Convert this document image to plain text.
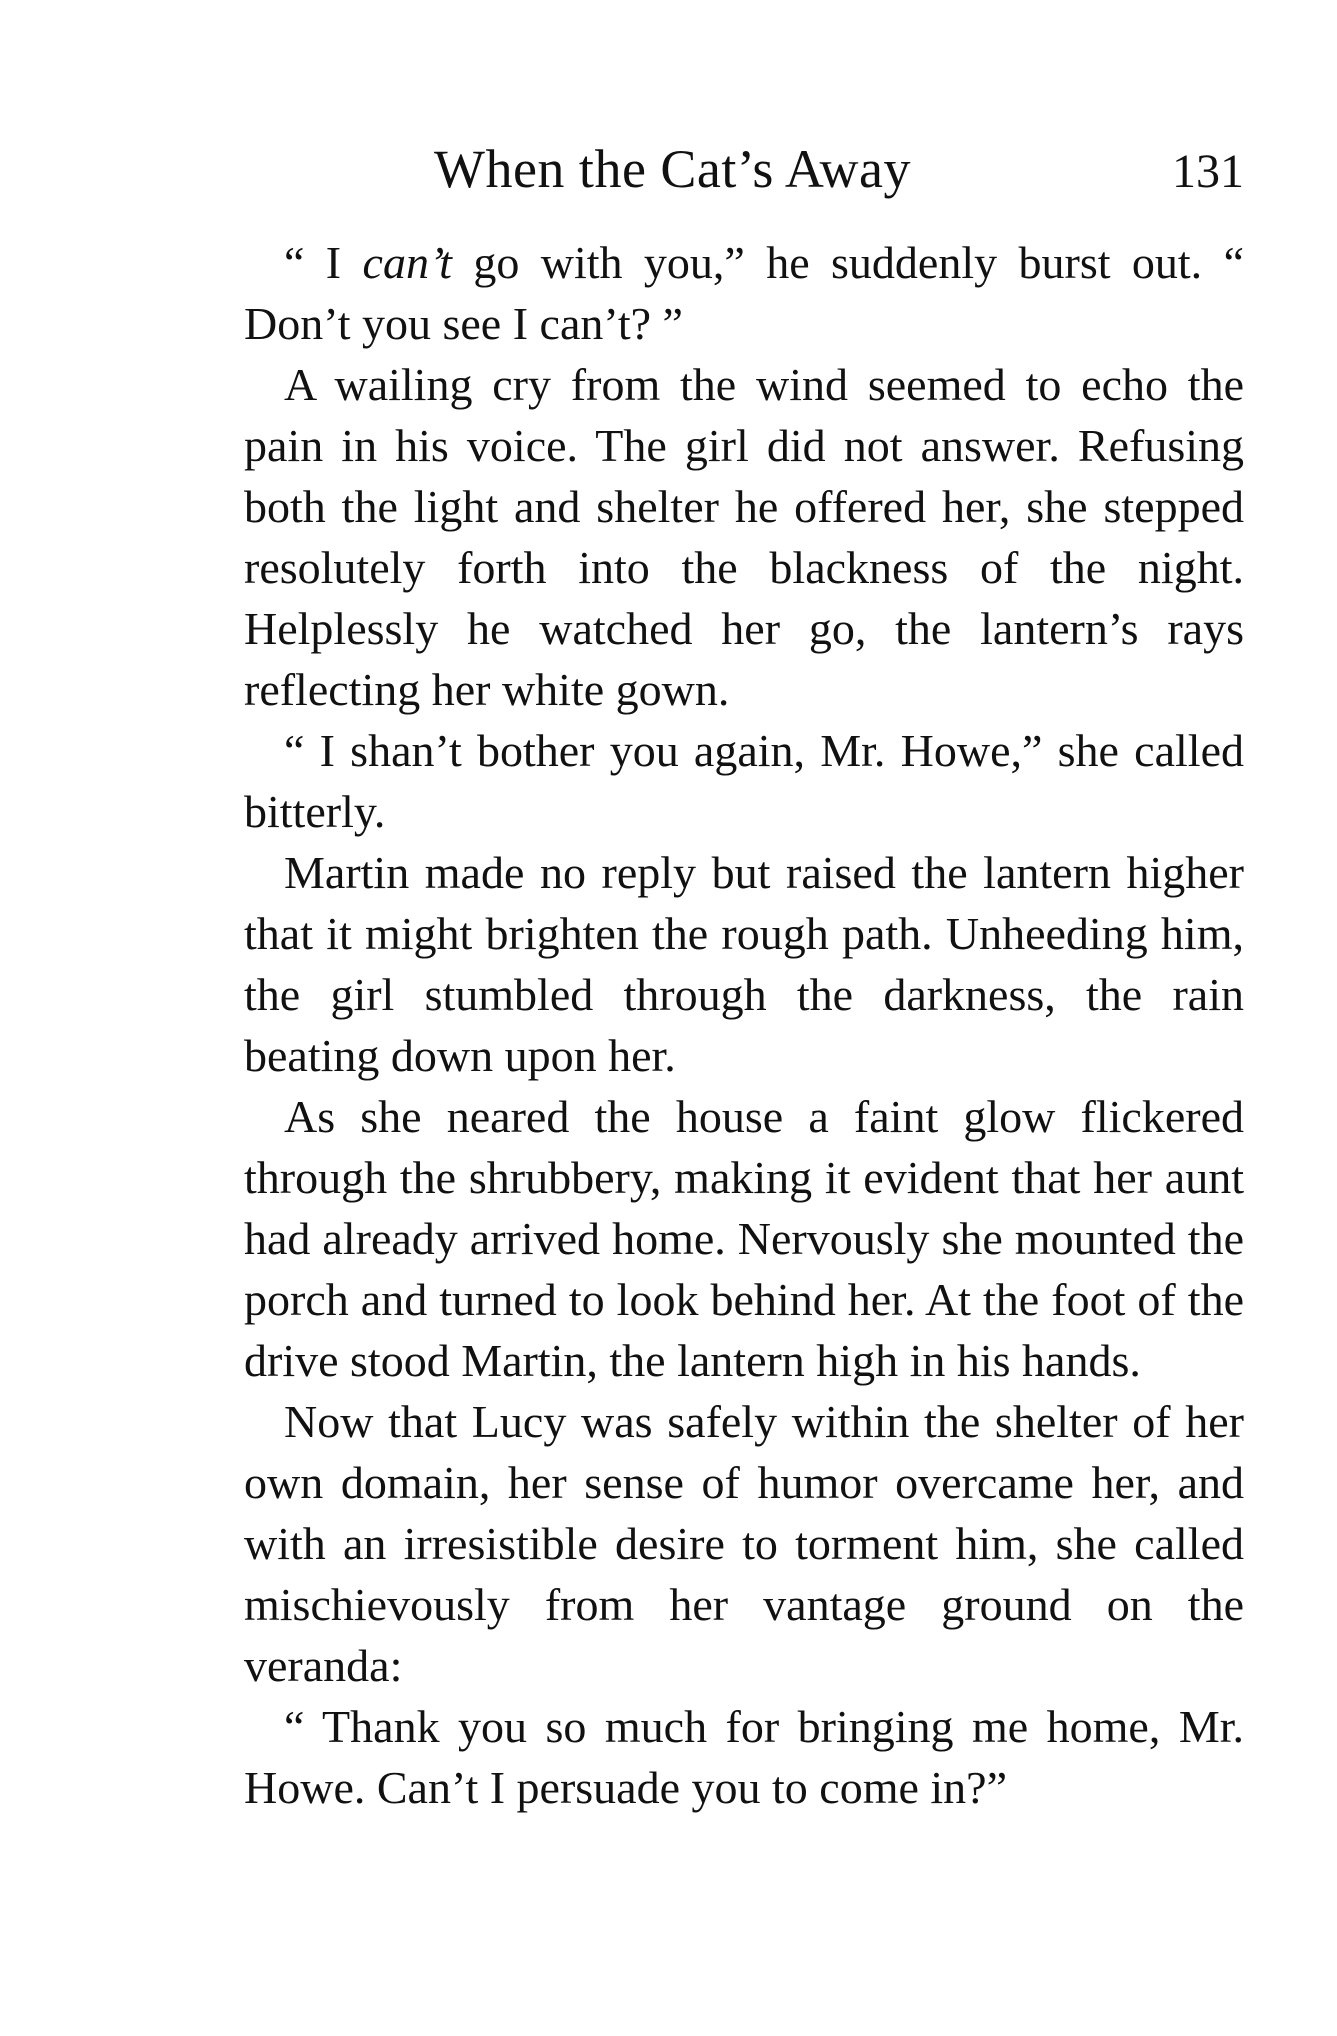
When the Cat’s Away	131

“ I can’t go with you,” he suddenly burst out. “ Don’t you see I can’t? ”

A wailing cry from the wind seemed to echo the pain in his voice. The girl did not answer. Refusing both the light and shelter he offered her, she stepped resolutely forth into the blackness of the night. Helplessly he watched her go, the lantern’s rays reflecting her white gown.

“ I shan’t bother you again, Mr. Howe,” she called bitterly.

Martin made no reply but raised the lantern higher that it might brighten the rough path. Unheeding him, the girl stumbled through the darkness, the rain beating down upon her.

As she neared the house a faint glow flickered through the shrubbery, making it evident that her aunt had already arrived home. Nervously she mounted the porch and turned to look behind her. At the foot of the drive stood Martin, the lantern high in his hands.

Now that Lucy was safely within the shelter of her own domain, her sense of humor overcame her, and with an irresistible desire to torment him, she called mischievously from her vantage ground on the veranda:

“ Thank you so much for bringing me home, Mr. Howe. Can’t I persuade you to come in?”
